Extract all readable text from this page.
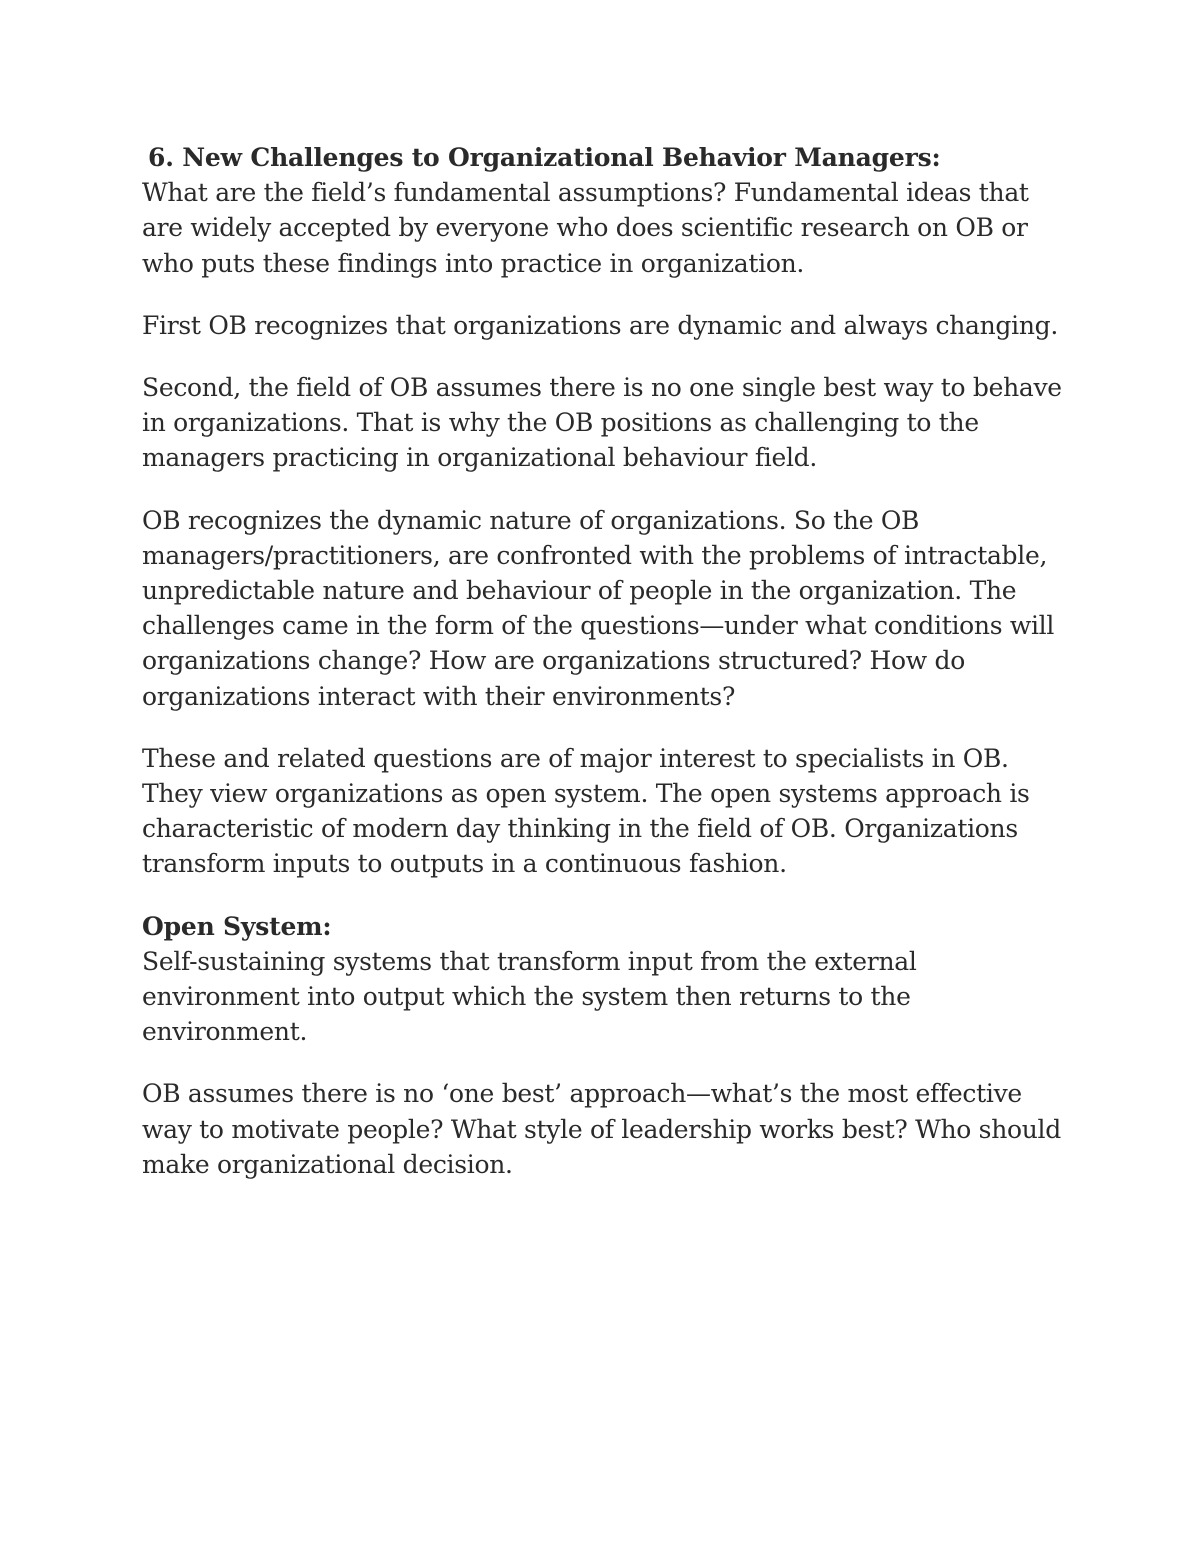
6. New Challenges to Organizational Behavior Managers:

What are the field’s fundamental assumptions? Fundamental ideas that are widely accepted by everyone who does scientific research on OB or who puts these findings into practice in organization.

First OB recognizes that organizations are dynamic and always changing.

Second, the field of OB assumes there is no one single best way to behave in organizations. That is why the OB positions as challenging to the managers practicing in organizational behaviour field.

OB recognizes the dynamic nature of organizations. So the OB managers/practitioners, are confronted with the problems of intractable, unpredictable nature and behaviour of people in the organization. The challenges came in the form of the questions—under what conditions will organizations change? How are organizations structured? How do organizations interact with their environments?

These and related questions are of major interest to specialists in OB. They view organizations as open system. The open systems approach is characteristic of modern day thinking in the field of OB. Organizations transform inputs to outputs in a continuous fashion.

Open System:

Self-sustaining systems that transform input from the external environment into output which the system then returns to the environment.

OB assumes there is no ‘one best’ approach—what’s the most effective way to motivate people? What style of leadership works best? Who should make organizational decision.
